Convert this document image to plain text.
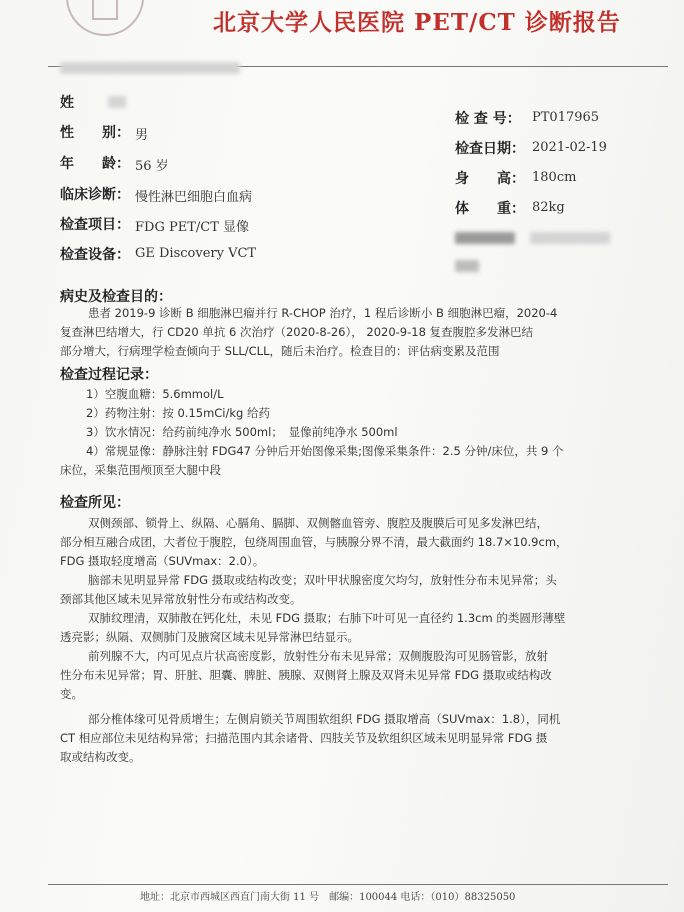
北京大学人民医院 PET/CT 诊断报告
姓
性　　别： 男
年　　龄： 56 岁
临床诊断： 慢性淋巴细胞白血病
检查项目： FDG PET/CT 显像
检查设备： GE Discovery VCT
检 查 号： PT017965
检查日期： 2021-02-19
身　　高： 180cm
体　　重： 82kg
病史及检查目的：
患者 2019-9 诊断 B 细胞淋巴瘤并行 R-CHOP 治疗，1 程后诊断小 B 细胞淋巴瘤，2020-4
复查淋巴结增大，行 CD20 单抗 6 次治疗（2020-8-26）， 2020-9-18 复查腹腔多发淋巴结
部分增大，行病理学检查倾向于 SLL/CLL，随后未治疗。检查目的：评估病变累及范围
检查过程记录：
1）空腹血糖：5.6mmol/L
2）药物注射：按 0.15mCi/kg 给药
3）饮水情况：给药前纯净水 500ml；　显像前纯净水 500ml
4）常规显像：静脉注射 FDG47 分钟后开始图像采集;图像采集条件：2.5 分钟/床位，共 9 个
床位，采集范围颅顶至大腿中段
检查所见：
双侧颈部、锁骨上、纵隔、心膈角、膈脚、双侧髂血管旁、腹腔及腹膜后可见多发淋巴结，
部分相互融合成团，大者位于腹腔，包绕周围血管，与胰腺分界不清，最大截面约 18.7×10.9cm，
FDG 摄取轻度增高（SUVmax：2.0）。
脑部未见明显异常 FDG 摄取或结构改变；双叶甲状腺密度欠均匀，放射性分布未见异常；头
颈部其他区域未见异常放射性分布或结构改变。
双肺纹理清，双肺散在钙化灶，未见 FDG 摄取；右肺下叶可见一直径约 1.3cm 的类圆形薄壁
透亮影；纵隔、双侧肺门及腋窝区域未见异常淋巴结显示。
前列腺不大，内可见点片状高密度影，放射性分布未见异常；双侧腹股沟可见肠管影，放射
性分布未见异常；胃、肝脏、胆囊、脾脏、胰腺、双侧肾上腺及双肾未见异常 FDG 摄取或结构改
变。
部分椎体缘可见骨质增生；左侧肩锁关节周围软组织 FDG 摄取增高（SUVmax：1.8），同机
CT 相应部位未见结构异常；扫描范围内其余诸骨、四肢关节及软组织区域未见明显异常 FDG 摄
取或结构改变。
地址：北京市西城区西直门南大街 11 号　邮编：100044 电话：（010）88325050
